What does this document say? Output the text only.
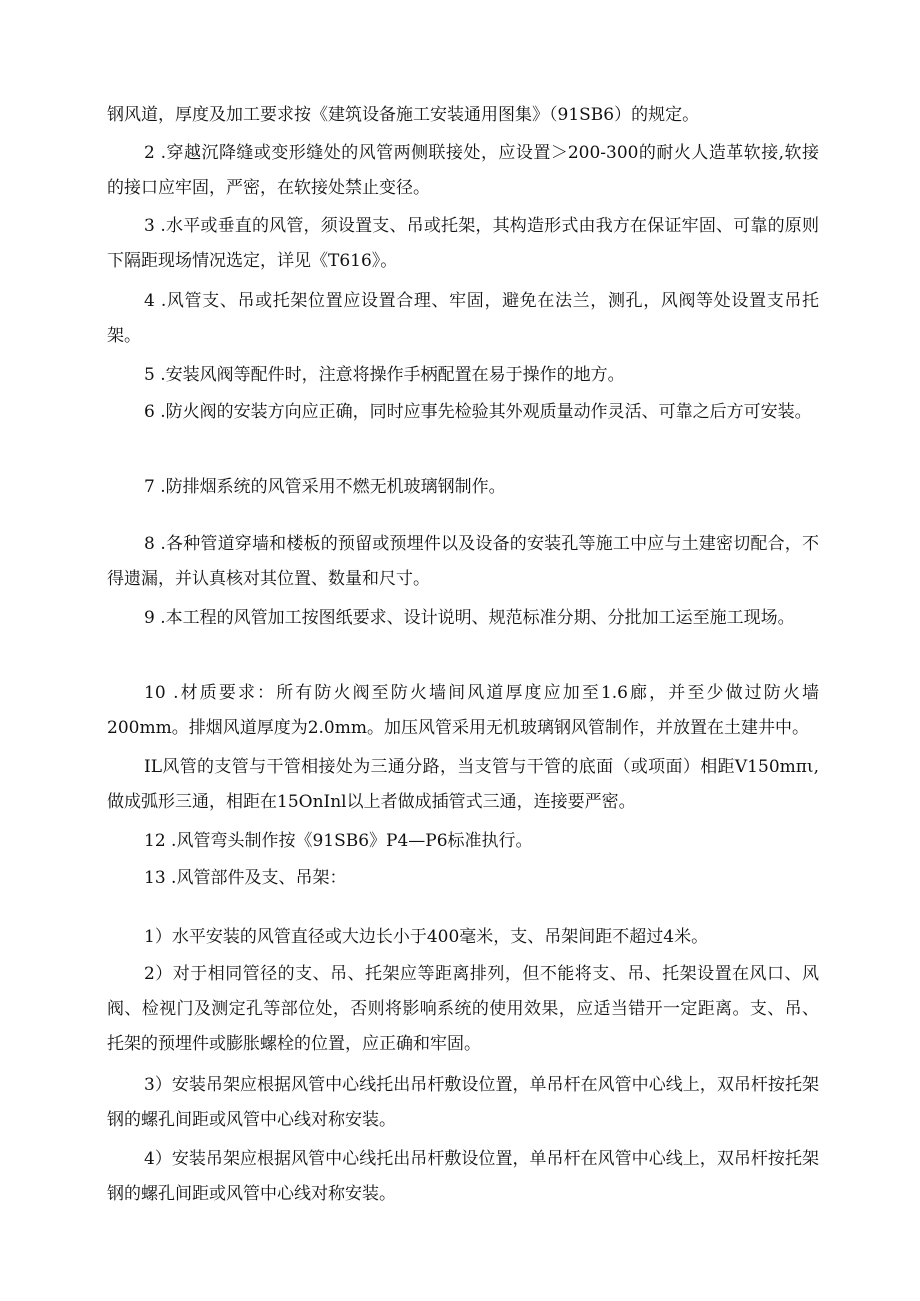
钢风道，厚度及加工要求按《建筑设备施工安装通用图集》（91SB6）的规定。

2 .穿越沉降缝或变形缝处的风管两侧联接处，应设置＞200-300的耐火人造革软接,软接的接口应牢固，严密，在软接处禁止变径。

3 .水平或垂直的风管，须设置支、吊或托架，其构造形式由我方在保证牢固、可靠的原则下隔距现场情况选定，详见《T616》。

4 .风管支、吊或托架位置应设置合理、牢固，避免在法兰，测孔，风阀等处设置支吊托架。

5 .安装风阀等配件时，注意将操作手柄配置在易于操作的地方。

6 .防火阀的安装方向应正确，同时应事先检验其外观质量动作灵活、可靠之后方可安装。

7 .防排烟系统的风管采用不燃无机玻璃钢制作。

8 .各种管道穿墙和楼板的预留或预埋件以及设备的安装孔等施工中应与土建密切配合，不得遗漏，并认真核对其位置、数量和尺寸。

9 .本工程的风管加工按图纸要求、设计说明、规范标准分期、分批加工运至施工现场。

10 .材质要求：所有防火阀至防火墙间风道厚度应加至1.6廊，并至少做过防火墙200mm。排烟风道厚度为2.0mm。加压风管采用无机玻璃钢风管制作，并放置在土建井中。

IL风管的支管与干管相接处为三通分路，当支管与干管的底面（或项面）相距V150mπι,做成弧形三通，相距在15OnInl以上者做成插管式三通，连接要严密。

12 .风管弯头制作按《91SB6》P4—P6标准执行。

13 .风管部件及支、吊架：

1）水平安装的风管直径或大边长小于400毫米，支、吊架间距不超过4米。

2）对于相同管径的支、吊、托架应等距离排列，但不能将支、吊、托架设置在风口、风阀、检视门及测定孔等部位处，否则将影响系统的使用效果，应适当错开一定距离。支、吊、托架的预埋件或膨胀螺栓的位置，应正确和牢固。

3）安装吊架应根据风管中心线托出吊杆敷设位置，单吊杆在风管中心线上，双吊杆按托架钢的螺孔间距或风管中心线对称安装。

4）安装吊架应根据风管中心线托出吊杆敷设位置，单吊杆在风管中心线上，双吊杆按托架钢的螺孔间距或风管中心线对称安装。
